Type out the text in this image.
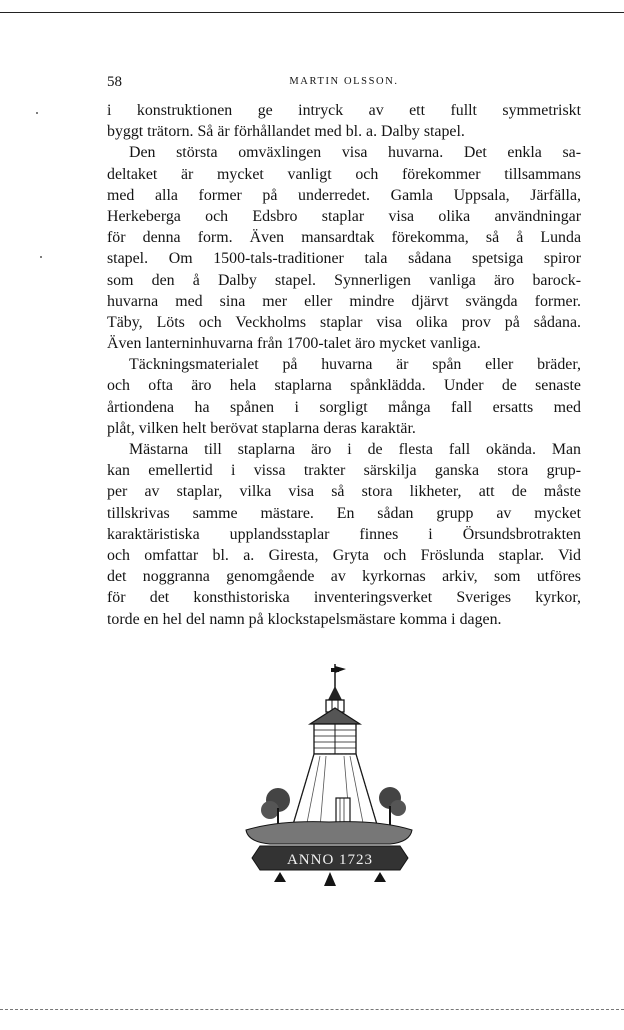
58	MARTIN OLSSON.
i konstruktionen ge intryck av ett fullt symmetriskt
byggt trätorn. Så är förhållandet med bl. a. Dalby stapel.
Den största omväxlingen visa huvarna. Det enkla sa-
deltaket är mycket vanligt och förekommer tillsammans
med alla former på underredet. Gamla Uppsala, Järfälla,
Herkeberga och Edsbro staplar visa olika användningar
för denna form. Även mansardtak förekomma, så å Lunda
stapel. Om 1500-tals-traditioner tala sådana spetsiga spiror
som den å Dalby stapel. Synnerligen vanliga äro barock-
huvarna med sina mer eller mindre djärvt svängda former.
Täby, Löts och Veckholms staplar visa olika prov på sådana.
Även lanterninhuvarna från 1700-talet äro mycket vanliga.
Täckningsmaterialet på huvarna är spån eller bräder,
och ofta äro hela staplarna spånklädda. Under de senaste
årtiondena ha spånen i sorgligt många fall ersatts med
plåt, vilken helt berövat staplarna deras karaktär.
Mästarna till staplarna äro i de flesta fall okända. Man
kan emellertid i vissa trakter särskilja ganska stora grup-
per av staplar, vilka visa så stora likheter, att de måste
tillskrivas samme mästare. En sådan grupp av mycket
karaktäristiska upplandsstaplar finnes i Örsundsbrotrakten
och omfattar bl. a. Giresta, Gryta och Fröslunda staplar. Vid
det noggranna genomgående av kyrkornas arkiv, som utföres
för det konsthistoriska inventeringsverket Sveriges kyrkor,
torde en hel del namn på klockstapelsmästare komma i dagen.
ANNO 1723
